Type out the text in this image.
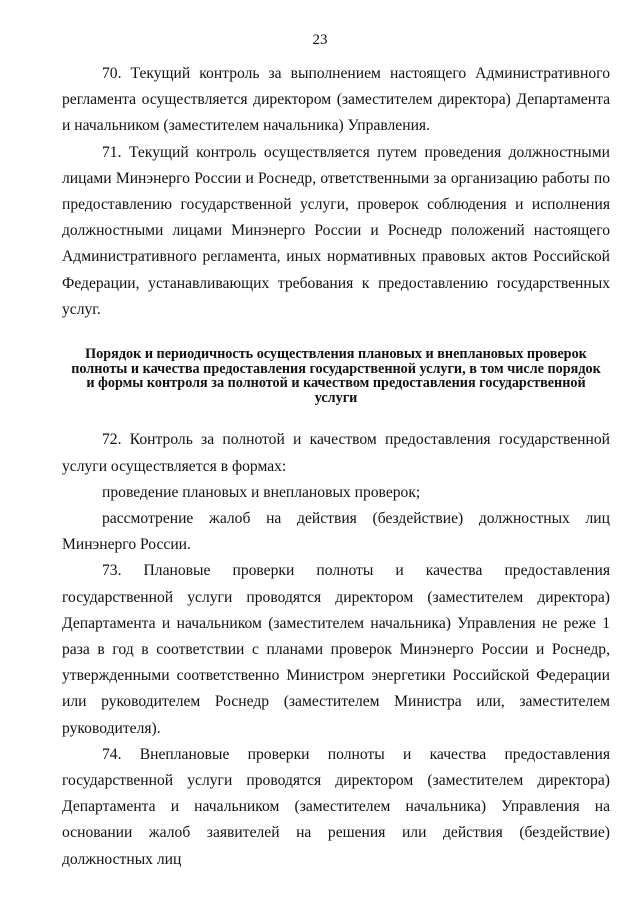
23

70. Текущий контроль за выполнением настоящего Административного регламента осуществляется директором (заместителем директора) Департамента и начальником (заместителем начальника) Управления.

71. Текущий контроль осуществляется путем проведения должностными лицами Минэнерго России и Роснедр, ответственными за организацию работы по предоставлению государственной услуги, проверок соблюдения и исполнения должностными лицами Минэнерго России и Роснедр положений настоящего Административного регламента, иных нормативных правовых актов Российской Федерации, устанавливающих требования к предоставлению государственных услуг.

Порядок и периодичность осуществления плановых и внеплановых проверок полноты и качества предоставления государственной услуги, в том числе порядок и формы контроля за полнотой и качеством предоставления государственной услуги

72. Контроль за полнотой и качеством предоставления государственной услуги осуществляется в формах:

проведение плановых и внеплановых проверок;

рассмотрение жалоб на действия (бездействие) должностных лиц Минэнерго России.

73. Плановые проверки полноты и качества предоставления государственной услуги проводятся директором (заместителем директора) Департамента и начальником (заместителем начальника) Управления не реже 1 раза в год в соответствии с планами проверок Минэнерго России и Роснедр, утвержденными соответственно Министром энергетики Российской Федерации или руководителем Роснедр (заместителем Министра или, заместителем руководителя).

74. Внеплановые проверки полноты и качества предоставления государственной услуги проводятся директором (заместителем директора) Департамента и начальником (заместителем начальника) Управления на основании жалоб заявителей на решения или действия (бездействие) должностных лиц
